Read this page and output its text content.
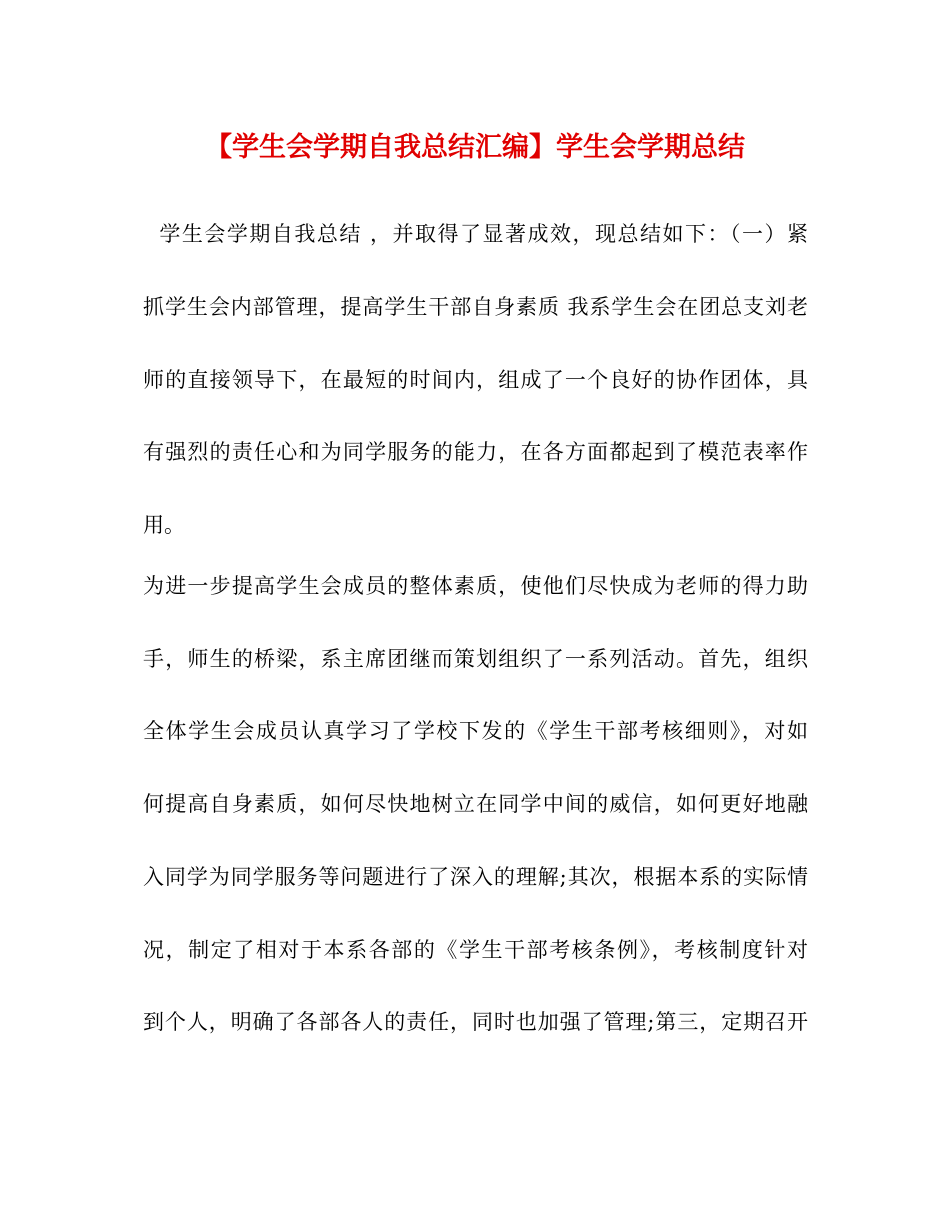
【学生会学期自我总结汇编】学生会学期总结
学生会学期自我总结 ，并取得了显著成效，现总结如下：（一）紧
抓学生会内部管理，提高学生干部自身素质 我系学生会在团总支刘老
师的直接领导下，在最短的时间内，组成了一个良好的协作团体，具
有强烈的责任心和为同学服务的能力，在各方面都起到了模范表率作
用。
为进一步提高学生会成员的整体素质，使他们尽快成为老师的得力助
手，师生的桥梁，系主席团继而策划组织了一系列活动。首先，组织
全体学生会成员认真学习了学校下发的《学生干部考核细则》，对如
何提高自身素质，如何尽快地树立在同学中间的威信，如何更好地融
入同学为同学服务等问题进行了深入的理解;其次，根据本系的实际情
况，制定了相对于本系各部的《学生干部考核条例》，考核制度针对
到个人，明确了各部各人的责任，同时也加强了管理;第三，定期召开
